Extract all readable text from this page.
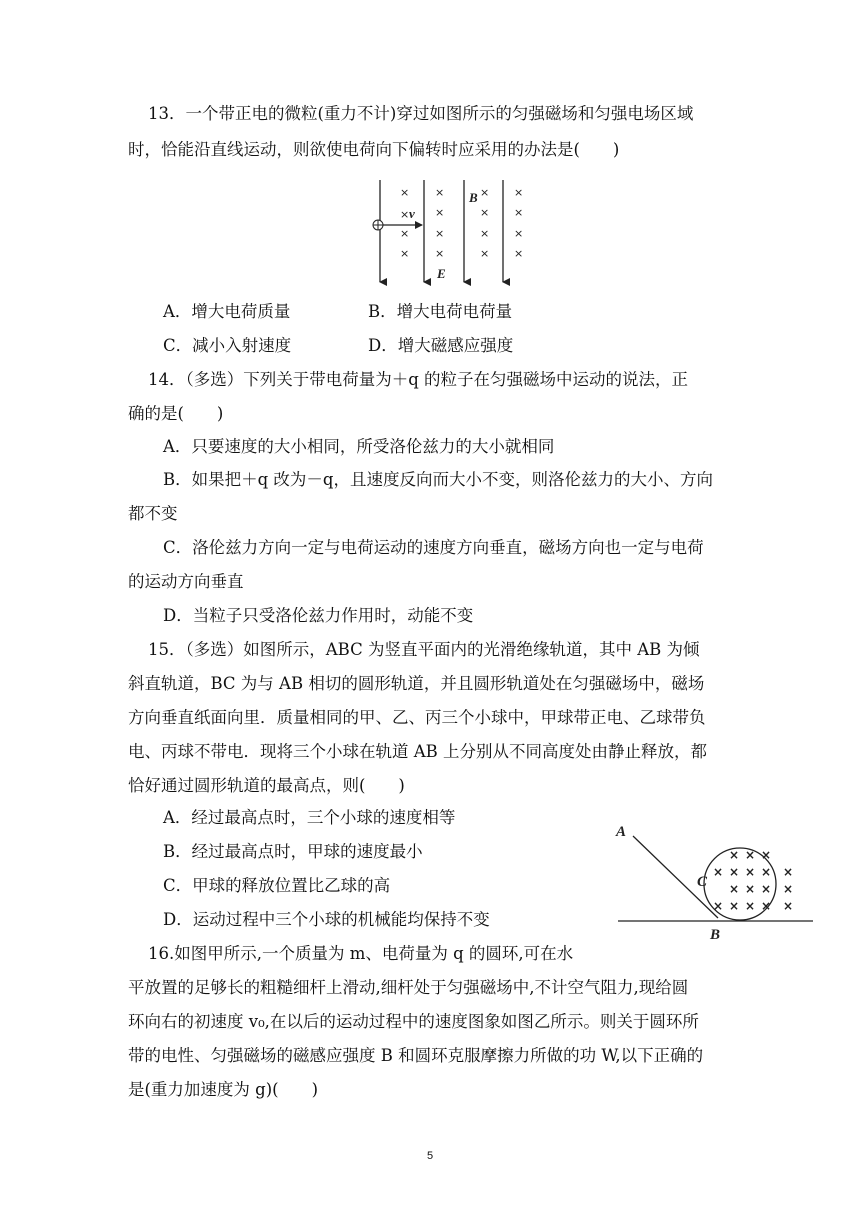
13．一个带正电的微粒(重力不计)穿过如图所示的匀强磁场和匀强电场区域
时，恰能沿直线运动，则欲使电荷向下偏转时应采用的办法是(　　)
×
×
×
×
×
×
×
×
×
×
×
×
×
×
×
×
v
B
E
A．增大电荷质量	B．增大电荷电荷量
C．减小入射速度	D．增大磁感应强度
14．（多选）下列关于带电荷量为＋q 的粒子在匀强磁场中运动的说法，正
确的是(　　)
A．只要速度的大小相同，所受洛伦兹力的大小就相同
B．如果把＋q 改为－q，且速度反向而大小不变，则洛伦兹力的大小、方向
都不变
C．洛伦兹力方向一定与电荷运动的速度方向垂直，磁场方向也一定与电荷
的运动方向垂直
D．当粒子只受洛伦兹力作用时，动能不变
15．（多选）如图所示，ABC 为竖直平面内的光滑绝缘轨道，其中 AB 为倾
斜直轨道，BC 为与 AB 相切的圆形轨道，并且圆形轨道处在匀强磁场中，磁场
方向垂直纸面向里．质量相同的甲、乙、丙三个小球中，甲球带正电、乙球带负
电、丙球不带电．现将三个小球在轨道 AB 上分别从不同高度处由静止释放，都
恰好通过圆形轨道的最高点，则(　　)
A．经过最高点时，三个小球的速度相等
B．经过最高点时，甲球的速度最小
C．甲球的释放位置比乙球的高
D．运动过程中三个小球的机械能均保持不变
× × ×
× × × × ×
× × × ×
× × × × ×
A
C
B
16.如图甲所示,一个质量为 m、电荷量为 q 的圆环,可在水
平放置的足够长的粗糙细杆上滑动,细杆处于匀强磁场中,不计空气阻力,现给圆
环向右的初速度 v₀,在以后的运动过程中的速度图象如图乙所示。则关于圆环所
带的电性、匀强磁场的磁感应强度 B 和圆环克服摩擦力所做的功 W,以下正确的
是(重力加速度为 g)(　　)
5
